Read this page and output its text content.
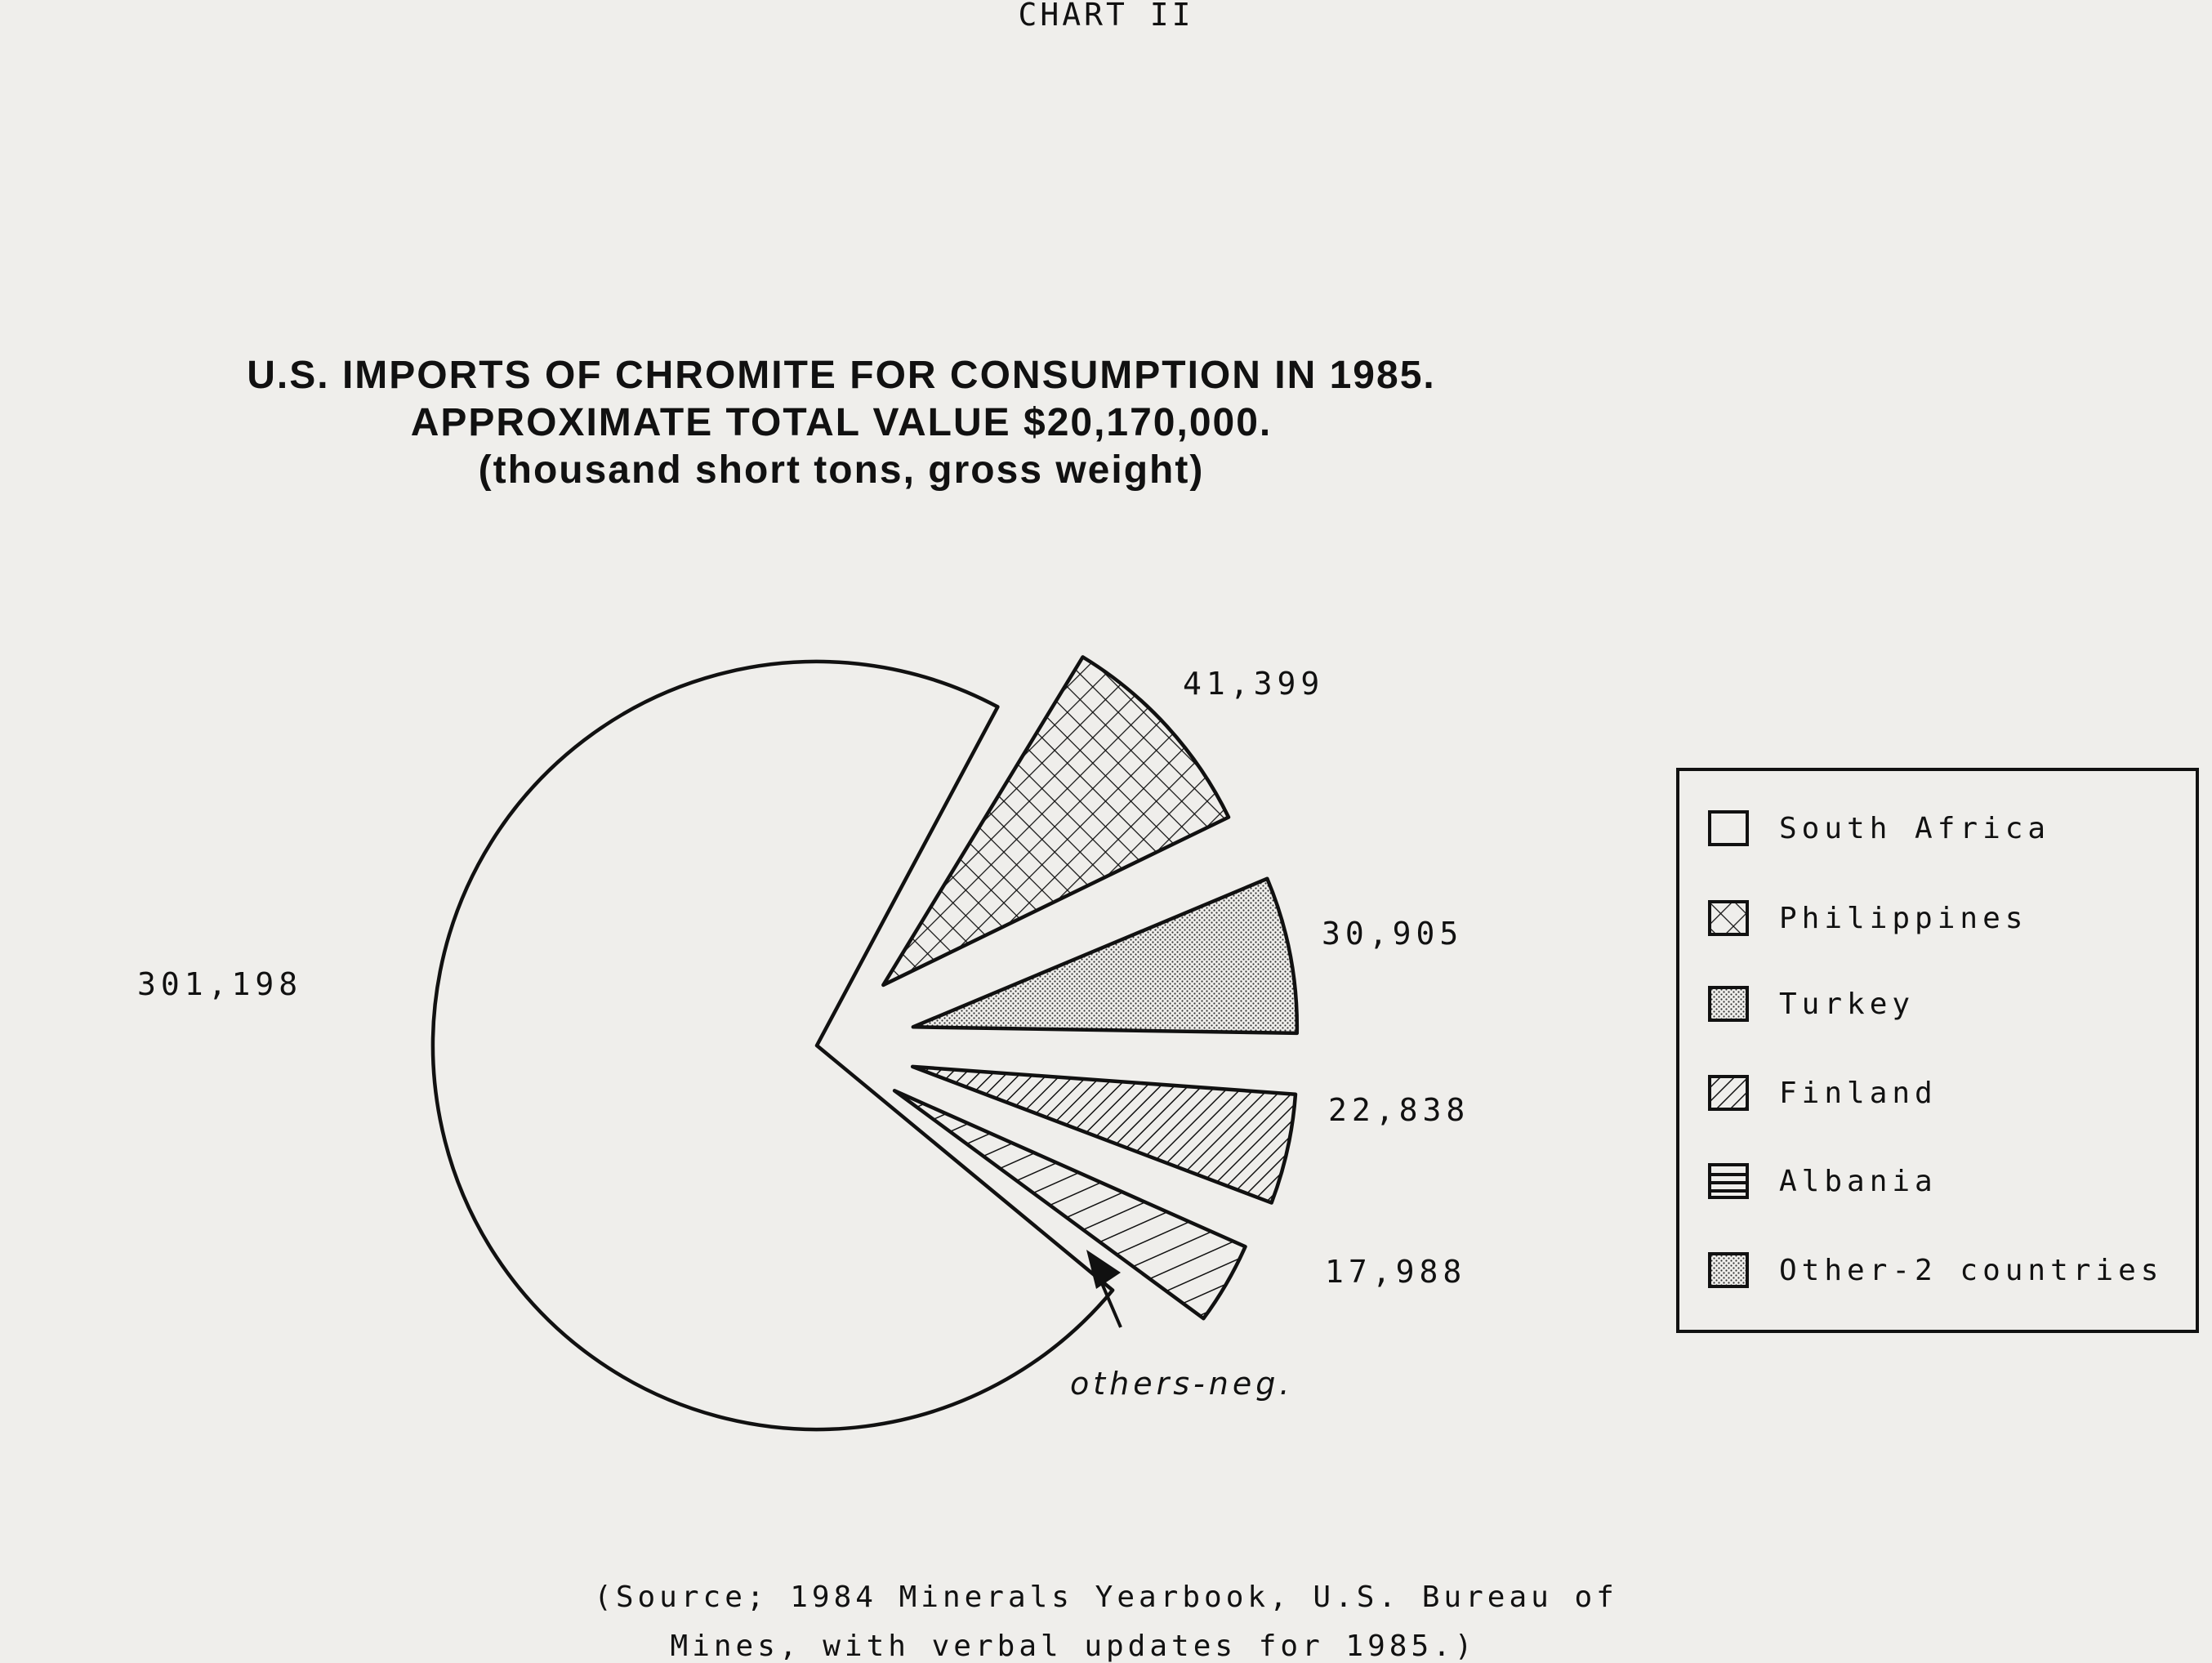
CHART II
U.S. IMPORTS OF CHROMITE FOR CONSUMPTION IN 1985.
APPROXIMATE TOTAL VALUE $20,170,000.
(thousand short tons, gross weight)
301,198
41,399
30,905
22,838
17,988
others-neg.
South Africa
Philippines
Turkey
Finland
Albania
Other-2 countries
(Source; 1984 Minerals Yearbook, U.S. Bureau of
Mines, with verbal updates for 1985.)
